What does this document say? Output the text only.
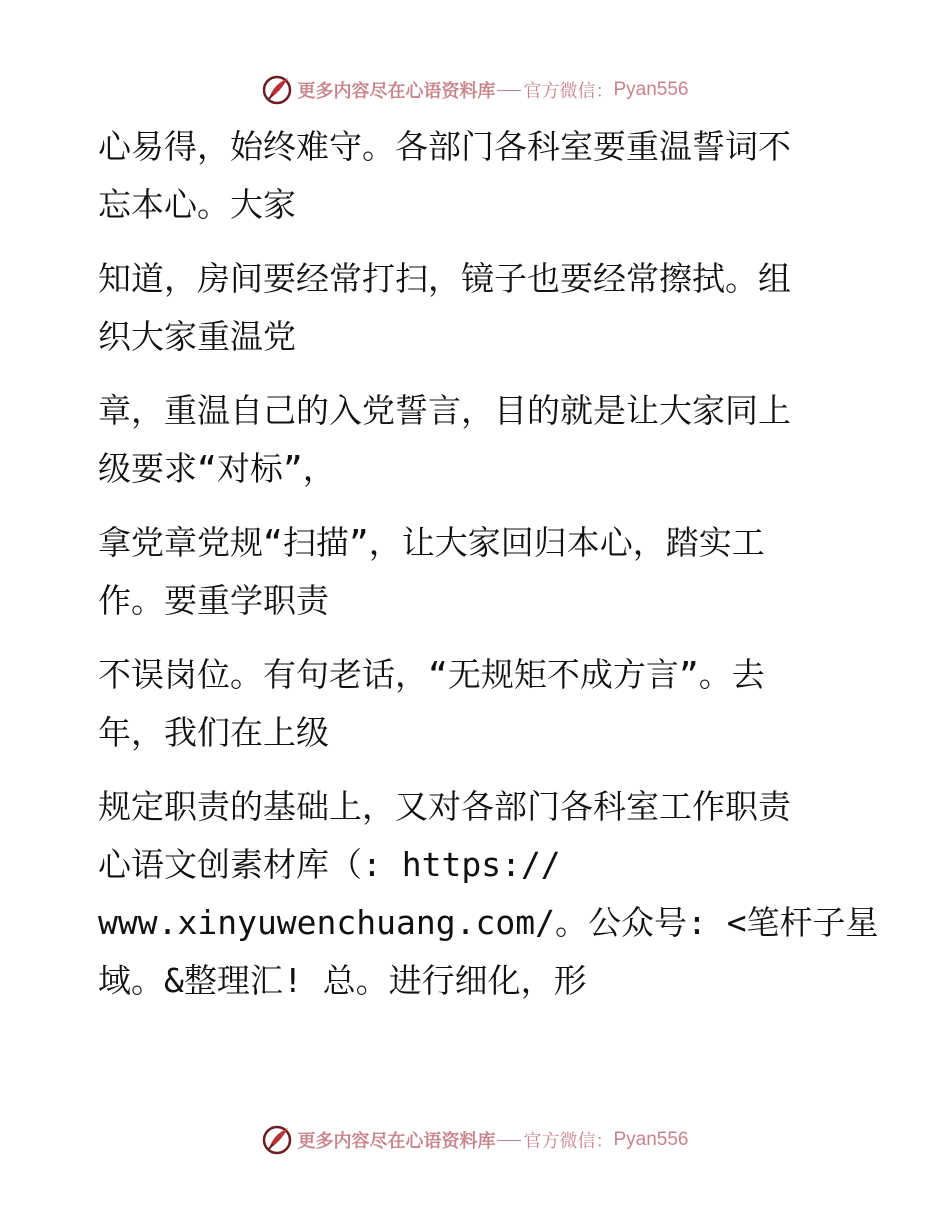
更多内容尽在心语资料库 官方微信： Pyan556
心易得，始终难守。各部门各科室要重温誓词不
忘本心。大家
知道，房间要经常打扫，镜子也要经常擦拭。组
织大家重温党
章，重温自己的入党誓言，目的就是让大家同上
级要求“对标”，
拿党章党规“扫描”，让大家回归本心，踏实工
作。要重学职责
不误岗位。有句老话，“无规矩不成方言”。去
年，我们在上级
规定职责的基础上，又对各部门各科室工作职责
心语文创素材库（: https://
www.xinyuwenchuang.com/。公众号: <笔杆子星
域。&整理汇! 总。进行细化，形
更多内容尽在心语资料库 官方微信： Pyan556
